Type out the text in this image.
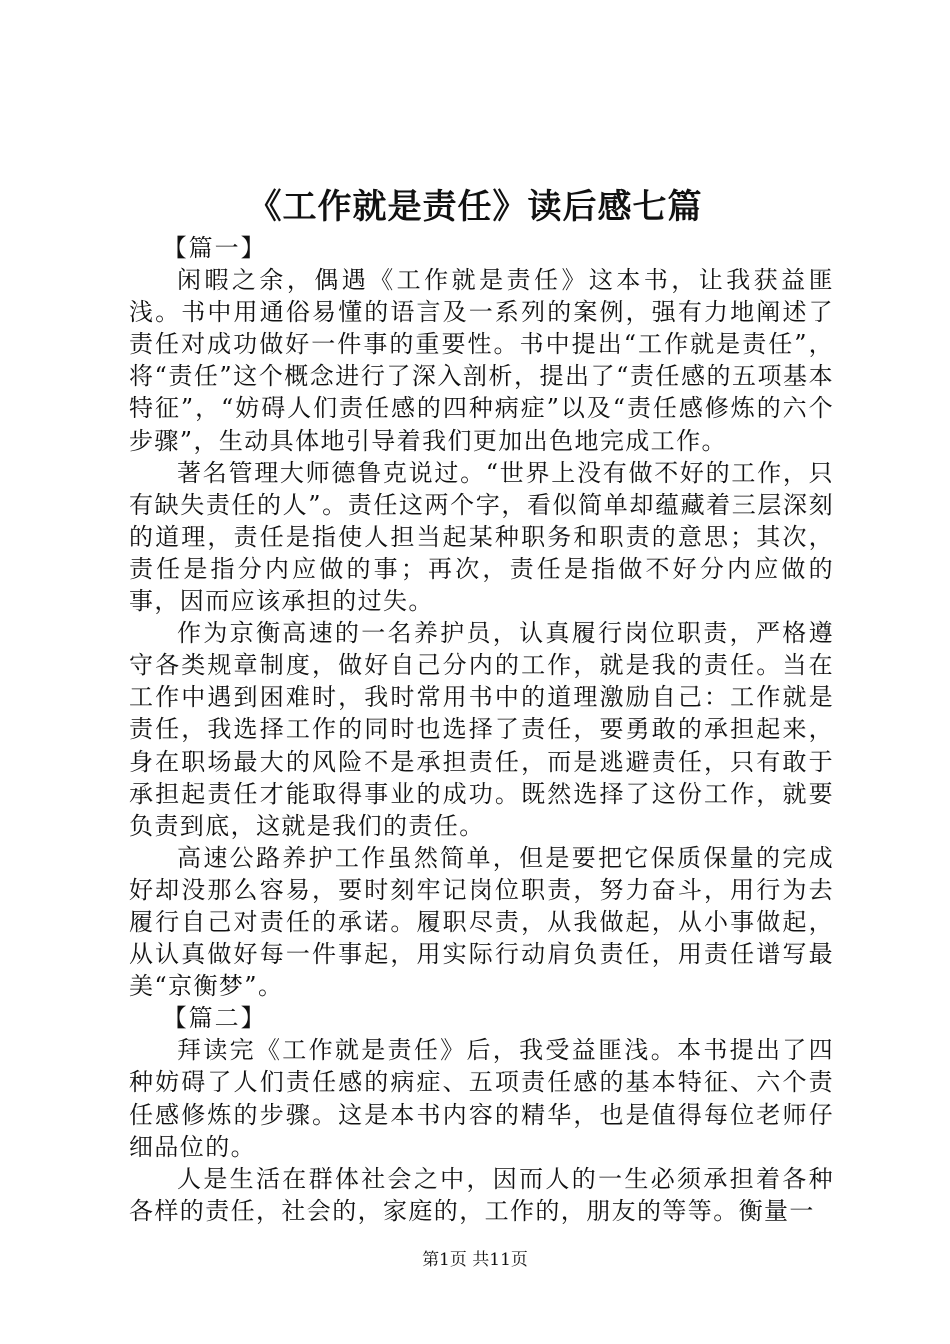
《工作就是责任》读后感七篇

【篇一】

闲暇之余，偶遇《工作就是责任》这本书，让我获益匪浅。书中用通俗易懂的语言及一系列的案例，强有力地阐述了责任对成功做好一件事的重要性。书中提出“工作就是责任”，将“责任”这个概念进行了深入剖析，提出了“责任感的五项基本特征”，“妨碍人们责任感的四种病症”以及“责任感修炼的六个步骤”，生动具体地引导着我们更加出色地完成工作。

著名管理大师德鲁克说过。“世界上没有做不好的工作，只有缺失责任的人”。责任这两个字，看似简单却蕴藏着三层深刻的道理，责任是指使人担当起某种职务和职责的意思；其次，责任是指分内应做的事；再次，责任是指做不好分内应做的事，因而应该承担的过失。

作为京衡高速的一名养护员，认真履行岗位职责，严格遵守各类规章制度，做好自己分内的工作，就是我的责任。当在工作中遇到困难时，我时常用书中的道理激励自己：工作就是责任，我选择工作的同时也选择了责任，要勇敢的承担起来，身在职场最大的风险不是承担责任，而是逃避责任，只有敢于承担起责任才能取得事业的成功。既然选择了这份工作，就要负责到底，这就是我们的责任。

高速公路养护工作虽然简单，但是要把它保质保量的完成好却没那么容易，要时刻牢记岗位职责，努力奋斗，用行为去履行自己对责任的承诺。履职尽责，从我做起，从小事做起，从认真做好每一件事起，用实际行动肩负责任，用责任谱写最美“京衡梦”。

【篇二】

拜读完《工作就是责任》后，我受益匪浅。本书提出了四种妨碍了人们责任感的病症、五项责任感的基本特征、六个责任感修炼的步骤。这是本书内容的精华，也是值得每位老师仔细品位的。

人是生活在群体社会之中，因而人的一生必须承担着各种各样的责任，社会的，家庭的，工作的，朋友的等等。衡量一

第1页 共11页
